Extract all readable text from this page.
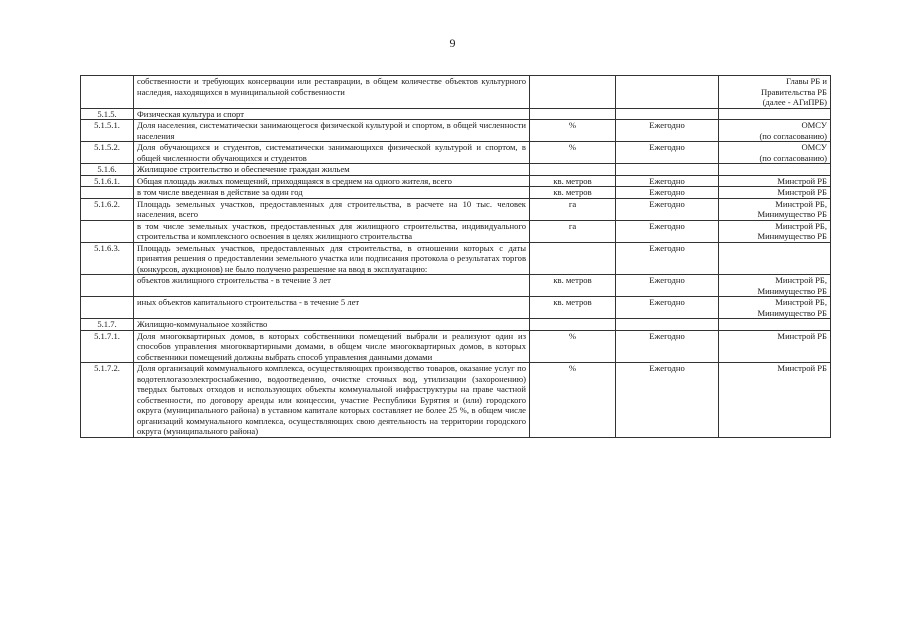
9
	собственности и требующих консервации или реставрации, в общем количестве объектов культурного наследия, находящихся в муниципальной собственности			Главы РБ и
Правительства РБ
(далее - АГиПРБ)

5.1.5.	Физическая культура и спорт			
5.1.5.1.	Доля населения, систематически занимающегося физической культурой и спортом, в общей численности населения	%	Ежегодно	ОМСУ
(по согласованию)

5.1.5.2.	Доля обучающихся и студентов, систематически занимающихся физической культурой и спортом, в общей численности обучающихся и студентов	%	Ежегодно	ОМСУ
(по согласованию)

5.1.6.	Жилищное строительство и обеспечение граждан жильем			
5.1.6.1.	Общая площадь жилых помещений, приходящаяся в среднем на одного жителя, всего	кв. метров	Ежегодно	Минстрой РБ

	в том числе введенная в действие за один год	кв. метров	Ежегодно	Минстрой РБ

5.1.6.2.	Площадь земельных участков, предоставленных для строительства, в расчете на 10 тыс. человек населения, всего	га	Ежегодно	Минстрой РБ,
Минимущество РБ

	в том числе земельных участков, предоставленных для жилищного строительства, индивидуального строительства и комплексного освоения в целях жилищного строительства	га	Ежегодно	Минстрой РБ,
Минимущество РБ

5.1.6.3.	Площадь земельных участков, предоставленных для строительства, в отношении которых с даты принятия решения о предоставлении земельного участка или подписания протокола о результатах торгов (конкурсов, аукционов) не было получено разрешение на ввод в эксплуатацию:		Ежегодно	
	объектов жилищного строительства - в течение 3 лет	кв. метров	Ежегодно	Минстрой РБ,
Минимущество РБ

	иных объектов капитального строительства - в течение 5 лет	кв. метров	Ежегодно	Минстрой РБ,
Минимущество РБ

5.1.7.	Жилищно-коммунальное хозяйство			
5.1.7.1.	Доля многоквартирных домов, в которых собственники помещений выбрали и реализуют один из способов управления многоквартирными домами, в общем числе многоквартирных домов, в которых собственники помещений должны выбрать способ управления данными домами	%	Ежегодно	Минстрой РБ

5.1.7.2.	Доля организаций коммунального комплекса, осуществляющих производство товаров, оказание услуг по водотеплогазоэлектроснабжению, водоотведению, очистке сточных вод, утилизации (захоронению) твердых бытовых отходов и использующих объекты коммунальной инфраструктуры на праве частной собственности, по договору аренды или концессии, участие Республики Бурятия и (или) городского округа (муниципального района) в уставном капитале которых составляет не более 25 %, в общем числе организаций коммунального комплекса, осуществляющих свою деятельность на территории городского округа (муниципального района)	%	Ежегодно	Минстрой РБ
